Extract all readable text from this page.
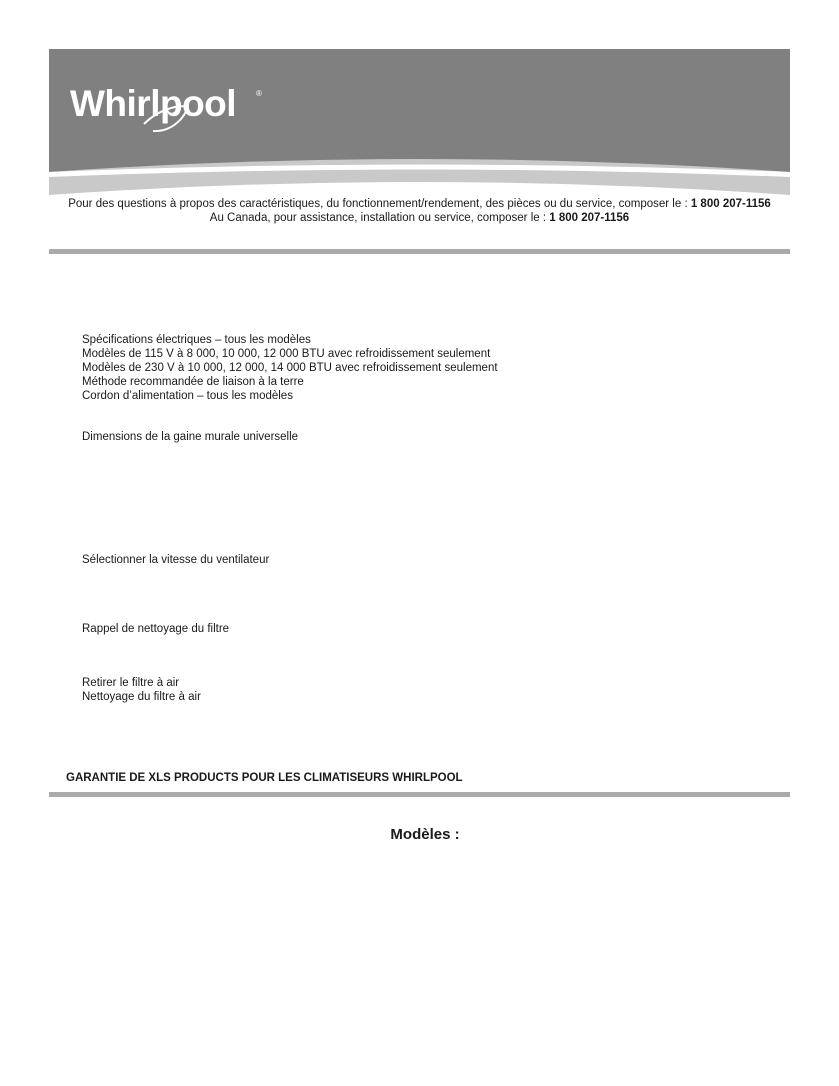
Whirlpool ®
Pour des questions à propos des caractéristiques, du fonctionnement/rendement, des pièces ou du service, composer le : 1 800 207-1156
Au Canada, pour assistance, installation ou service, composer le : 1 800 207-1156
Spécifications électriques – tous les modèles
Modèles de 115 V à 8 000, 10 000, 12 000 BTU avec refroidissement seulement
Modèles de 230 V à 10 000, 12 000, 14 000 BTU avec refroidissement seulement
Méthode recommandée de liaison à la terre
Cordon d’alimentation – tous les modèles
Dimensions de la gaine murale universelle
Sélectionner la vitesse du ventilateur
Rappel de nettoyage du filtre
Retirer le filtre à air
Nettoyage du filtre à air
GARANTIE DE XLS PRODUCTS POUR LES CLIMATISEURS WHIRLPOOL
Modèles :
